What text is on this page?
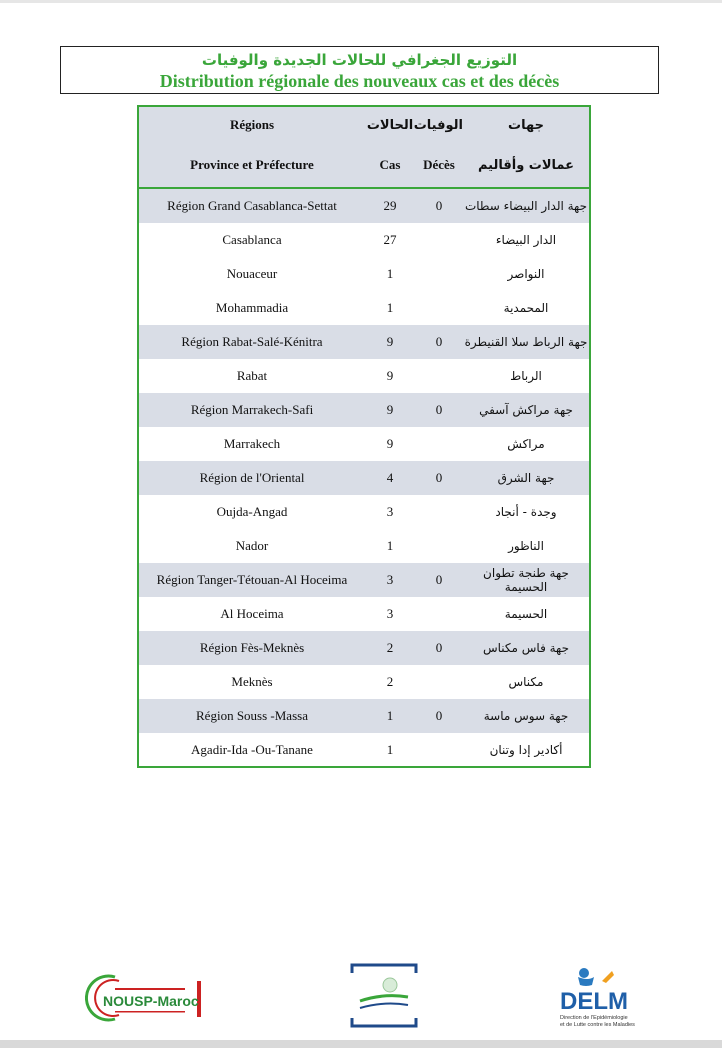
التوزيع الجغرافي للحالات الجديدة والوفيات
Distribution régionale des nouveaux cas et des décès
Régions	الحالات	الوفيات	جهات
Province et Préfecture	Cas	Décès	عمالات وأقاليم
Région Grand Casablanca-Settat	29	0	جهة الدار البيضاء سطات
Casablanca	27		الدار البيضاء
Nouaceur	1		النواصر
Mohammadia	1		المحمدية
Région Rabat-Salé-Kénitra	9	0	جهة الرباط سلا القنيطرة
Rabat	9		الرباط
Région Marrakech-Safi	9	0	جهة مراكش آسفي
Marrakech	9		مراكش
Région de l'Oriental	4	0	جهة الشرق
Oujda-Angad	3		وجدة - أنجاد
Nador	1		الناظور
Région Tanger-Tétouan-Al Hoceima	3	0	جهة طنجة تطوان الحسيمة
Al Hoceima	3		الحسيمة
Région Fès-Meknès	2	0	جهة فاس مكناس
Meknès	2		مكناس
Région Souss -Massa	1	0	جهة سوس ماسة
Agadir-Ida -Ou-Tanane	1		أكادير إدا وتنان
NOUSP-Maroc	DELM
Direction de l'Epidémiologie
et de Lutte contre les Maladies
